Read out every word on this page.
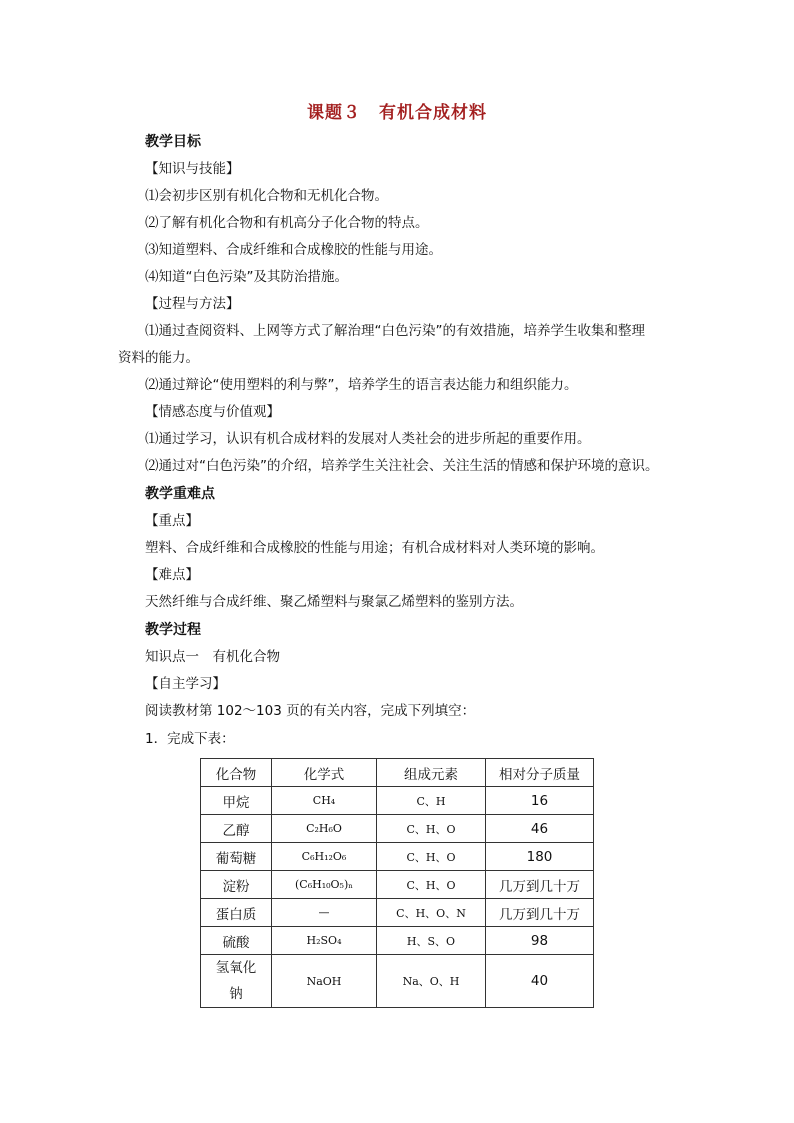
课题３　有机合成材料
教学目标
【知识与技能】
⑴会初步区别有机化合物和无机化合物。
⑵了解有机化合物和有机高分子化合物的特点。
⑶知道塑料、合成纤维和合成橡胶的性能与用途。
⑷知道“白色污染”及其防治措施。
【过程与方法】
⑴通过查阅资料、上网等方式了解治理“白色污染”的有效措施，培养学生收集和整理
资料的能力。
⑵通过辩论“使用塑料的利与弊”，培养学生的语言表达能力和组织能力。
【情感态度与价值观】
⑴通过学习，认识有机合成材料的发展对人类社会的进步所起的重要作用。
⑵通过对“白色污染”的介绍，培养学生关注社会、关注生活的情感和保护环境的意识。
教学重难点
【重点】
塑料、合成纤维和合成橡胶的性能与用途；有机合成材料对人类环境的影响。
【难点】
天然纤维与合成纤维、聚乙烯塑料与聚氯乙烯塑料的鉴别方法。
教学过程
知识点一　有机化合物
【自主学习】
阅读教材第 102～103 页的有关内容，完成下列填空：
1．完成下表：
化合物	化学式	组成元素	相对分子质量
甲烷	CH₄	C、H	16
乙醇	C₂H₆O	C、H、O	46
葡萄糖	C₆H₁₂O₆	C、H、O	180
淀粉	(C₆H₁₀O₅)ₙ	C、H、O	几万到几十万
蛋白质	—	C、H、O、N	几万到几十万
硫酸	H₂SO₄	H、S、O	98
氢氧化钠	NaOH	Na、O、H	40
